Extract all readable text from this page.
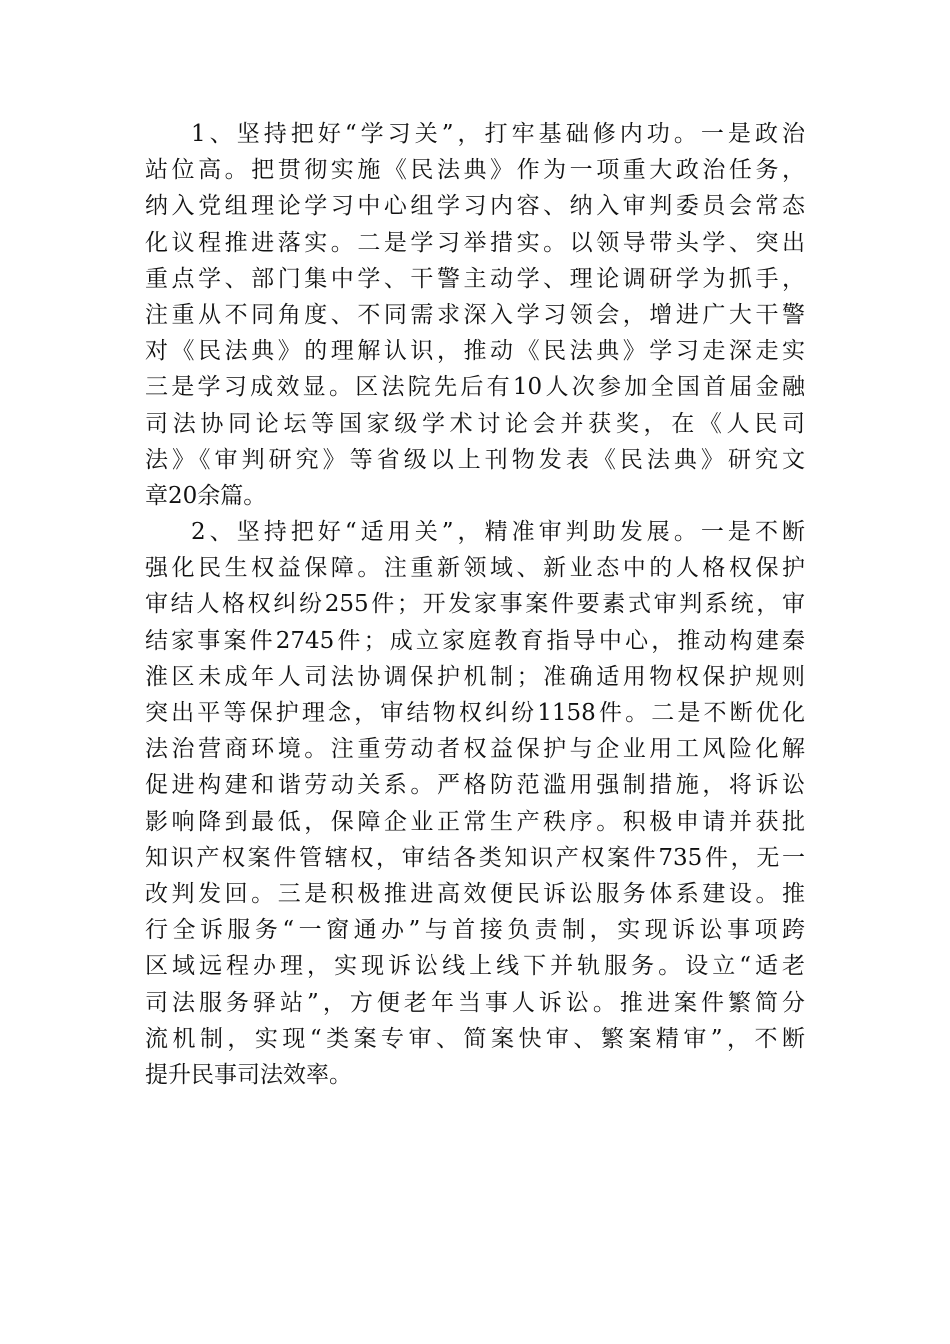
1、坚持把好“学习关”，打牢基础修内功。一是政治
站位高。把贯彻实施《民法典》作为一项重大政治任务，
纳入党组理论学习中心组学习内容、纳入审判委员会常态
化议程推进落实。二是学习举措实。以领导带头学、突出
重点学、部门集中学、干警主动学、理论调研学为抓手，
注重从不同角度、不同需求深入学习领会，增进广大干警
对《民法典》的理解认识，推动《民法典》学习走深走实
三是学习成效显。区法院先后有10人次参加全国首届金融
司法协同论坛等国家级学术讨论会并获奖，在《人民司
法》《审判研究》等省级以上刊物发表《民法典》研究文
章20余篇。
2、坚持把好“适用关”，精准审判助发展。一是不断
强化民生权益保障。注重新领域、新业态中的人格权保护
审结人格权纠纷255件；开发家事案件要素式审判系统，审
结家事案件2745件；成立家庭教育指导中心，推动构建秦
淮区未成年人司法协调保护机制；准确适用物权保护规则
突出平等保护理念，审结物权纠纷1158件。二是不断优化
法治营商环境。注重劳动者权益保护与企业用工风险化解
促进构建和谐劳动关系。严格防范滥用强制措施，将诉讼
影响降到最低，保障企业正常生产秩序。积极申请并获批
知识产权案件管辖权，审结各类知识产权案件735件，无一
改判发回。三是积极推进高效便民诉讼服务体系建设。推
行全诉服务“一窗通办”与首接负责制，实现诉讼事项跨
区域远程办理，实现诉讼线上线下并轨服务。设立“适老
司法服务驿站”，方便老年当事人诉讼。推进案件繁简分
流机制，实现“类案专审、简案快审、繁案精审”，不断
提升民事司法效率。
